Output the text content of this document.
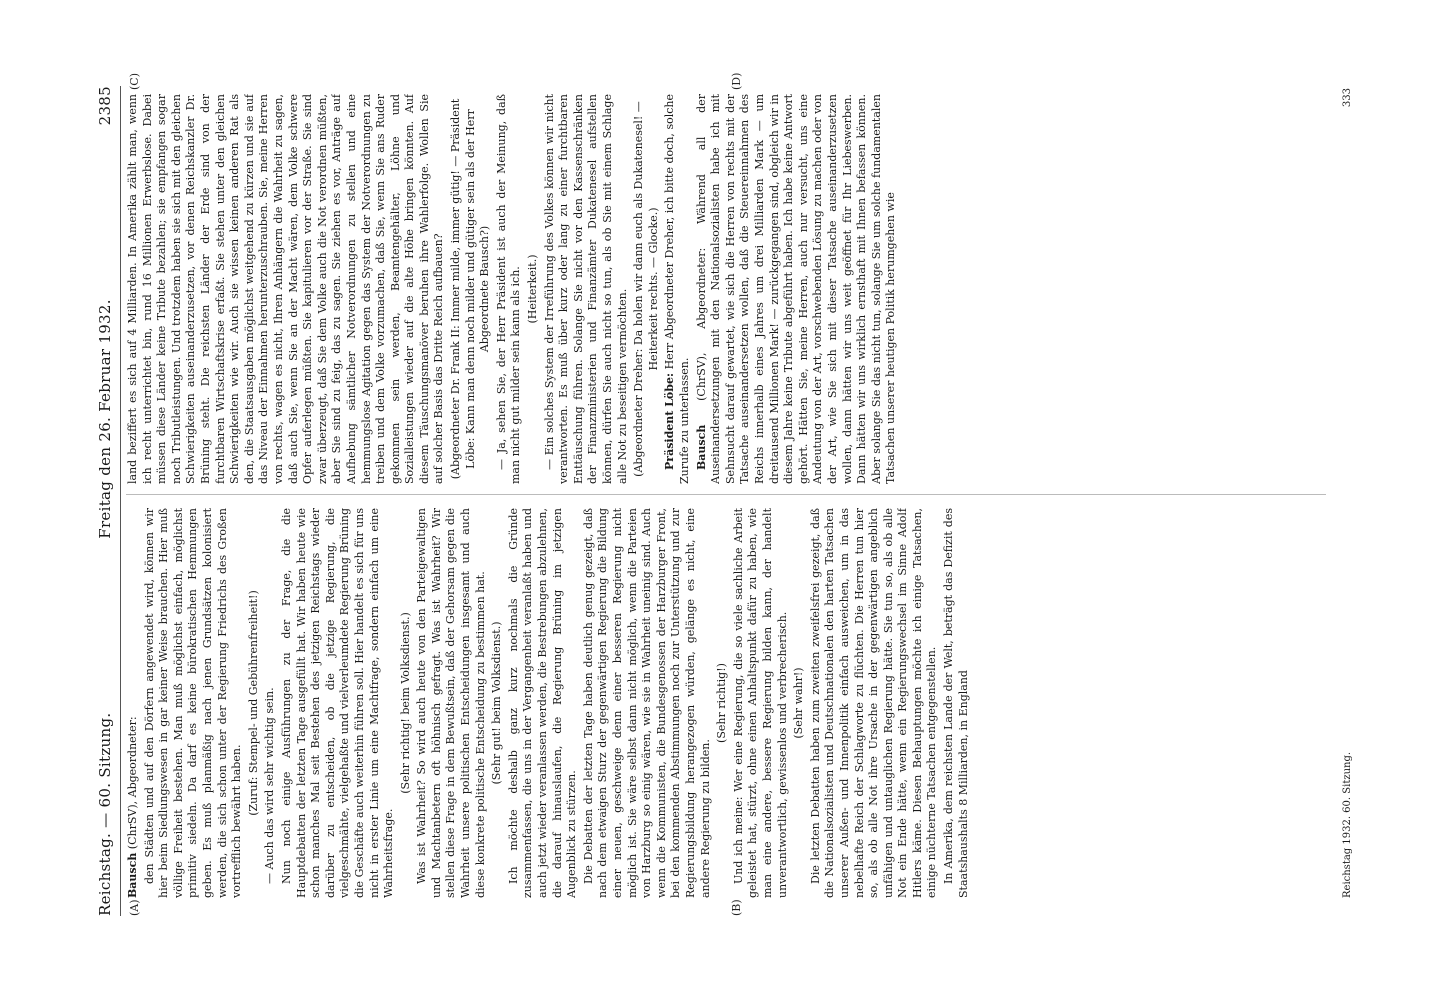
Reichstag. — 60. Sitzung.
Freitag den 26. Februar 1932.
2385
(A)	(B)
(C)	(D)

Bausch (ChrSV), Abgeordneter: den Städten und auf den Dörfern angewendet wird, können wir hier beim Siedlungswesen in gar keiner Weise brauchen. Hier muß völlige Freiheit bestehen. Man muß möglichst einfach, möglichst primitiv siedeln. Da darf es keine bürokratischen Hemmungen geben. Es muß planmäßig nach jenen Grundsätzen kolonisiert werden, die sich schon unter der Regierung Friedrichs des Großen vortrefflich bewährt haben.

(Zuruf: Stempel- und Gebührenfreiheit!) — Auch das wird sehr wichtig sein. Nun noch einige Ausführungen zu der Frage, die die Hauptdebatten der letzten Tage ausgefüllt hat. Wir haben heute wie schon manches Mal seit Bestehen des jetzigen Reichstags wieder darüber zu entscheiden, ob die jetzige Regierung, die vielgeschmähte, vielgehaßte und vielverleumdete Regierung Brüning die Geschäfte auch weiterhin führen soll. Hier handelt es sich für uns nicht in erster Linie um eine Machtfrage, sondern einfach um eine Wahrheitsfrage.

(Sehr richtig! beim Volksdienst.) Was ist Wahrheit? So wird auch heute von den Parteigewaltigen und Machtanbetern oft höhnisch gefragt. Was ist Wahrheit? Wir stellen diese Frage in dem Bewußtsein, daß der Gehorsam gegen die Wahrheit unsere politischen Entscheidungen insgesamt und auch diese konkrete politische Entscheidung zu bestimmen hat. (Sehr gut! beim Volksdienst.) Ich möchte deshalb ganz kurz nochmals die Gründe zusammenfassen, die uns in der Vergangenheit veranlaßt haben und auch jetzt wieder veranlassen werden, die Bestrebungen abzulehnen, die darauf hinauslaufen, die Regierung Brüning im jetzigen Augenblick zu stürzen. Die Debatten der letzten Tage haben deutlich genug gezeigt, daß nach dem etwaigen Sturz der gegenwärtigen Regierung die Bildung einer neuen, geschweige denn einer besseren Regierung nicht möglich ist. Sie wäre selbst dann nicht möglich, wenn die Parteien von Harzburg so einig wären, wie sie in Wahrheit uneinig sind. Auch wenn die Kommunisten, die Bundesgenossen der Harzburger Front, bei den kommenden Abstimmungen noch zur Unterstützung und zur Regierungsbildung herangezogen würden, gelänge es nicht, eine andere Regierung zu bilden.

(Sehr richtig!) Und ich meine: Wer eine Regierung, die so viele sachliche Arbeit geleistet hat, stürzt, ohne einen Anhaltspunkt dafür zu haben, wie man eine andere, bessere Regierung bilden kann, der handelt unverantwortlich, gewissenlos und verbrecherisch. (Sehr wahr!) Die letzten Debatten haben zum zweiten zweifelsfrei gezeigt, daß die Nationalsozialisten und Deutschnationalen den harten Tatsachen unserer Außen- und Innenpolitik einfach ausweichen, um in das nebelhafte Reich der Schlagworte zu flüchten. Die Herren tun hier so, als ob alle Not ihre Ursache in der gegenwärtigen angeblich unfähigen und untauglichen Regierung hätte. Sie tun so, als ob alle Not ein Ende hätte, wenn ein Regierungswechsel im Sinne Adolf Hitlers käme. Diesen Behauptungen möchte ich einige Tatsachen, einige nüchterne Tatsachen entgegenstellen. In Amerika, dem reichsten Lande der Welt, beträgt das Defizit des Staatshaushalts 8 Milliarden, in England

land beziffert es sich auf 4 Milliarden. In Amerika zählt man, wenn ich recht unterrichtet bin, rund 16 Millionen Erwerbslose. Dabei müssen diese Länder keine Tribute bezahlen; sie empfangen sogar noch Tributleistungen. Und trotzdem haben sie sich mit den gleichen Schwierigkeiten auseinanderzusetzen, vor denen Reichskanzler Dr. Brüning steht. Die reichsten Länder der Erde sind von der furchtbaren Wirtschaftskrise erfaßt. Sie stehen unter den gleichen Schwierigkeiten wie wir. Auch sie wissen keinen anderen Rat als den, die Staatsausgaben möglichst weitgehend zu kürzen und sie auf das Niveau der Einnahmen herunterzuschrauben. Sie, meine Herren von rechts, wagen es nicht, Ihren Anhängern die Wahrheit zu sagen, daß auch Sie, wenn Sie an der Macht wären, dem Volke schwere Opfer auferlegen müßten. Sie kapitulieren vor der Straße. Sie sind zwar überzeugt, daß Sie dem Volke auch die Not verordnen müßten, aber Sie sind zu feig, das zu sagen. Sie ziehen es vor, Anträge auf Aufhebung sämtlicher Notverordnungen zu stellen und eine hemmungslose Agitation gegen das System der Notverordnungen zu treiben und dem Volke vorzumachen, daß Sie, wenn Sie ans Ruder gekommen sein werden, Beamtengehälter, Löhne und Sozialleistungen wieder auf die alte Höhe bringen könnten. Auf diesem Täuschungsmanöver beruhen ihre Wahlerfolge. Wollen Sie auf solcher Basis das Dritte Reich aufbauen? (Abgeordneter Dr. Frank II: Immer milde, immer gütig! — Präsident Löbe: Kann man denn noch milder und gütiger sein als der Herr Abgeordnete Bausch?) — Ja, sehen Sie, der Herr Präsident ist auch der Meinung, daß man nicht gut milder sein kann als ich. (Heiterkeit.) — Ein solches System der Irreführung des Volkes können wir nicht verantworten. Es muß über kurz oder lang zu einer furchtbaren Enttäuschung führen. Solange Sie nicht vor den Kassenschränken der Finanzministerien und Finanzämter Dukatenesel aufstellen können, dürfen Sie auch nicht so tun, als ob Sie mit einem Schlage alle Not zu beseitigen vermöchten. (Abgeordneter Dreher: Da holen wir dann euch als Dukatenesel! — Heiterkeit rechts. — Glocke.)

Präsident Löbe: Herr Abgeordneter Dreher, ich bitte doch, solche Zurufe zu unterlassen. Bausch (ChrSV), Abgeordneter: Während all der Auseinandersetzungen mit den Nationalsozialisten habe ich mit Sehnsucht darauf gewartet, wie sich die Herren von rechts mit der Tatsache auseinandersetzen wollen, daß die Steuereinnahmen des Reichs innerhalb eines Jahres um drei Milliarden Mark — um dreitausend Millionen Mark! — zurückgegangen sind, obgleich wir in diesem Jahre keine Tribute abgeführt haben. Ich habe keine Antwort gehört. Hätten Sie, meine Herren, auch nur versucht, uns eine Andeutung von der Art, vorschwebenden Lösung zu machen oder von der Art, wie Sie sich mit dieser Tatsache auseinanderzusetzen wollen, dann hätten wir uns weit geöffnet für Ihr Liebeswerben. Dann hätten wir uns wirklich ernsthaft mit Ihnen befassen können. Aber solange Sie das nicht tun, solange Sie um solche fundamentalen Tatsachen unserer heutigen Politik herumgehen wie

Reichstag 1932. 60. Sitzung.
333
